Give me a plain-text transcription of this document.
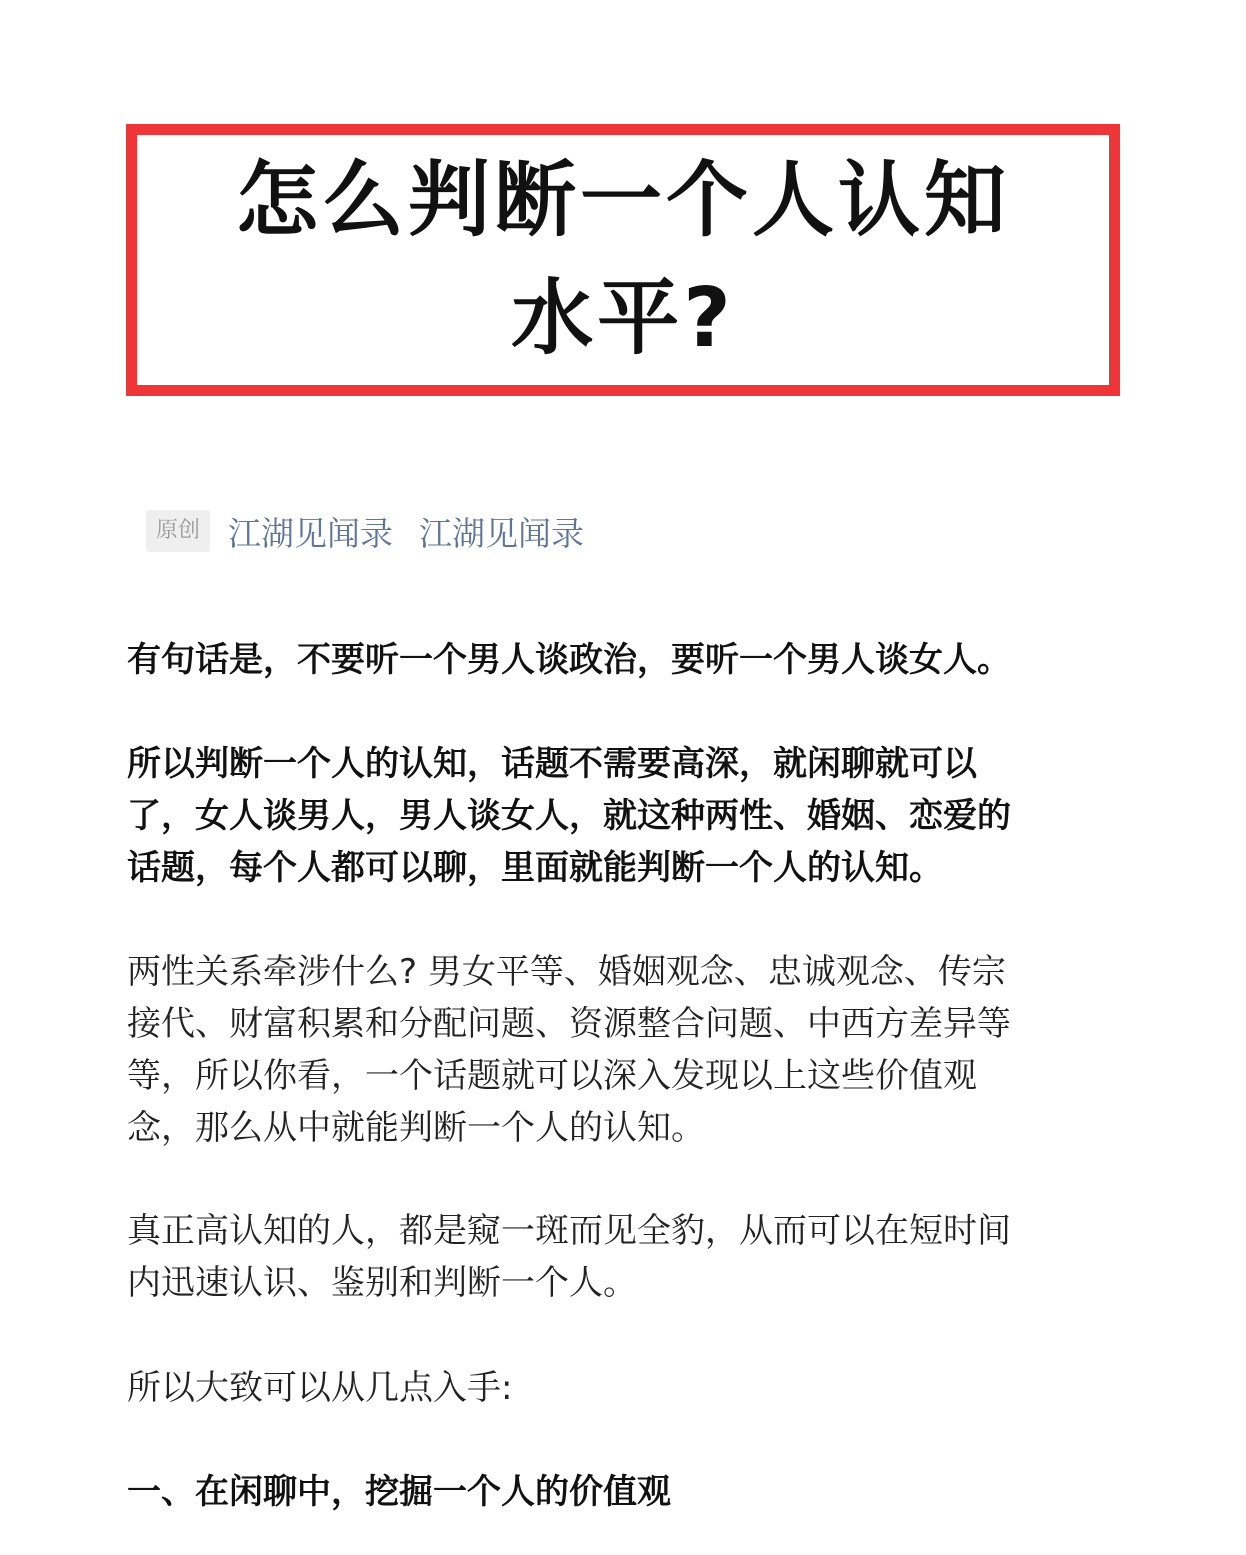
怎么判断一个人认知
水平?
原创 江湖见闻录 江湖见闻录
有句话是，不要听一个男人谈政治，要听一个男人谈女人。
所以判断一个人的认知，话题不需要高深，就闲聊就可以
了，女人谈男人，男人谈女人，就这种两性、婚姻、恋爱的
话题，每个人都可以聊，里面就能判断一个人的认知。
两性关系牵涉什么? 男女平等、婚姻观念、忠诚观念、传宗
接代、财富积累和分配问题、资源整合问题、中西方差异等
等，所以你看，一个话题就可以深入发现以上这些价值观
念，那么从中就能判断一个人的认知。
真正高认知的人，都是窥一斑而见全豹，从而可以在短时间
内迅速认识、鉴别和判断一个人。
所以大致可以从几点入手:
一、在闲聊中，挖掘一个人的价值观
